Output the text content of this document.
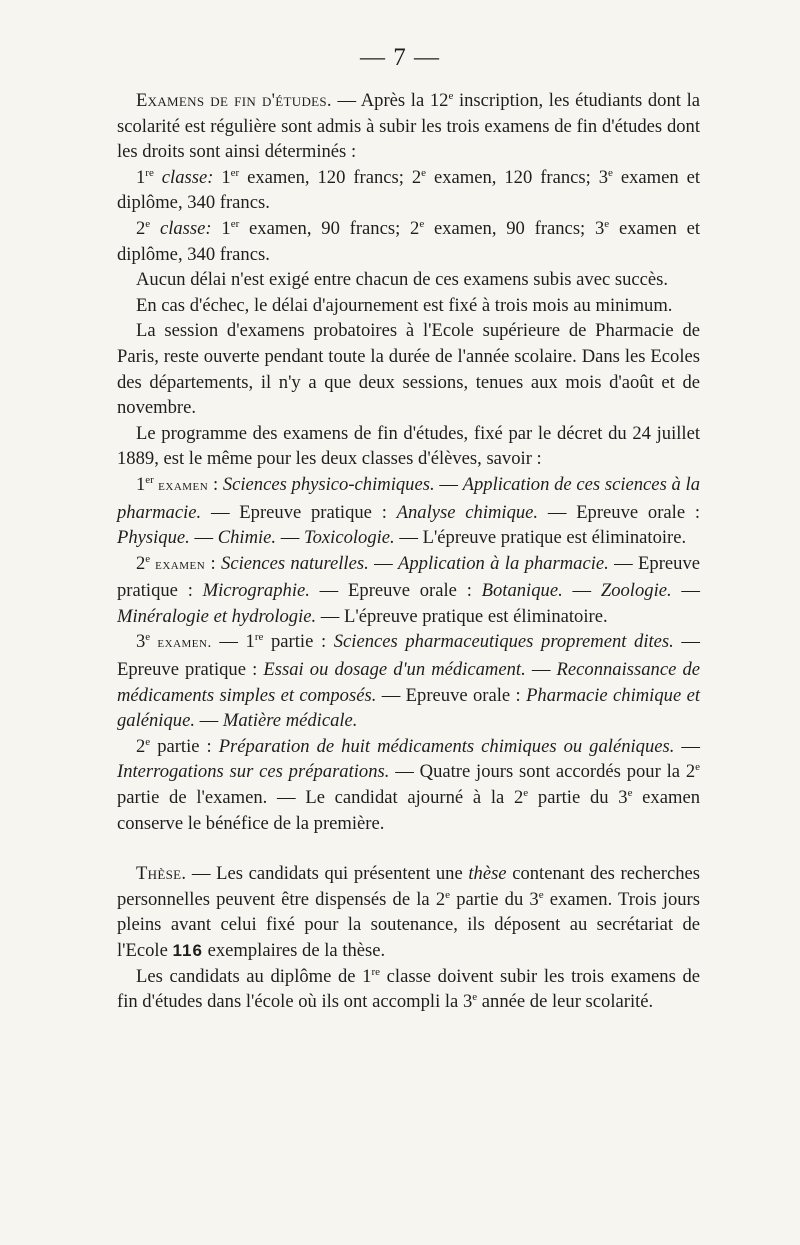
— 7 —

Examens de fin d'études. — Après la 12e inscription, les étudiants dont la scolarité est régulière sont admis à subir les trois examens de fin d'études dont les droits sont ainsi déterminés :

1re classe: 1er examen, 120 francs; 2e examen, 120 francs; 3e examen et diplôme, 340 francs.

2e classe: 1er examen, 90 francs; 2e examen, 90 francs; 3e examen et diplôme, 340 francs.

Aucun délai n'est exigé entre chacun de ces examens subis avec succès.

En cas d'échec, le délai d'ajournement est fixé à trois mois au minimum.

La session d'examens probatoires à l'Ecole supérieure de Pharmacie de Paris, reste ouverte pendant toute la durée de l'année scolaire. Dans les Ecoles des départements, il n'y a que deux sessions, tenues aux mois d'août et de novembre.

Le programme des examens de fin d'études, fixé par le décret du 24 juillet 1889, est le même pour les deux classes d'élèves, savoir :

1er examen : Sciences physico-chimiques. — Application de ces sciences à la pharmacie. — Epreuve pratique : Analyse chimique. — Epreuve orale : Physique. — Chimie. — Toxicologie. — L'épreuve pratique est éliminatoire.

2e examen : Sciences naturelles. — Application à la pharmacie. — Epreuve pratique : Micrographie. — Epreuve orale : Botanique. — Zoologie. — Minéralogie et hydrologie. — L'épreuve pratique est éliminatoire.

3e examen. — 1re partie : Sciences pharmaceutiques proprement dites. — Epreuve pratique : Essai ou dosage d'un médicament. — Reconnaissance de médicaments simples et composés. — Epreuve orale : Pharmacie chimique et galénique. — Matière médicale.

2e partie : Préparation de huit médicaments chimiques ou galéniques. — Interrogations sur ces préparations. — Quatre jours sont accordés pour la 2e partie de l'examen. — Le candidat ajourné à la 2e partie du 3e examen conserve le bénéfice de la première.

Thèse. — Les candidats qui présentent une thèse contenant des recherches personnelles peuvent être dispensés de la 2e partie du 3e examen. Trois jours pleins avant celui fixé pour la soutenance, ils déposent au secrétariat de l'Ecole 116 exemplaires de la thèse.

Les candidats au diplôme de 1re classe doivent subir les trois examens de fin d'études dans l'école où ils ont accompli la 3e année de leur scolarité.
